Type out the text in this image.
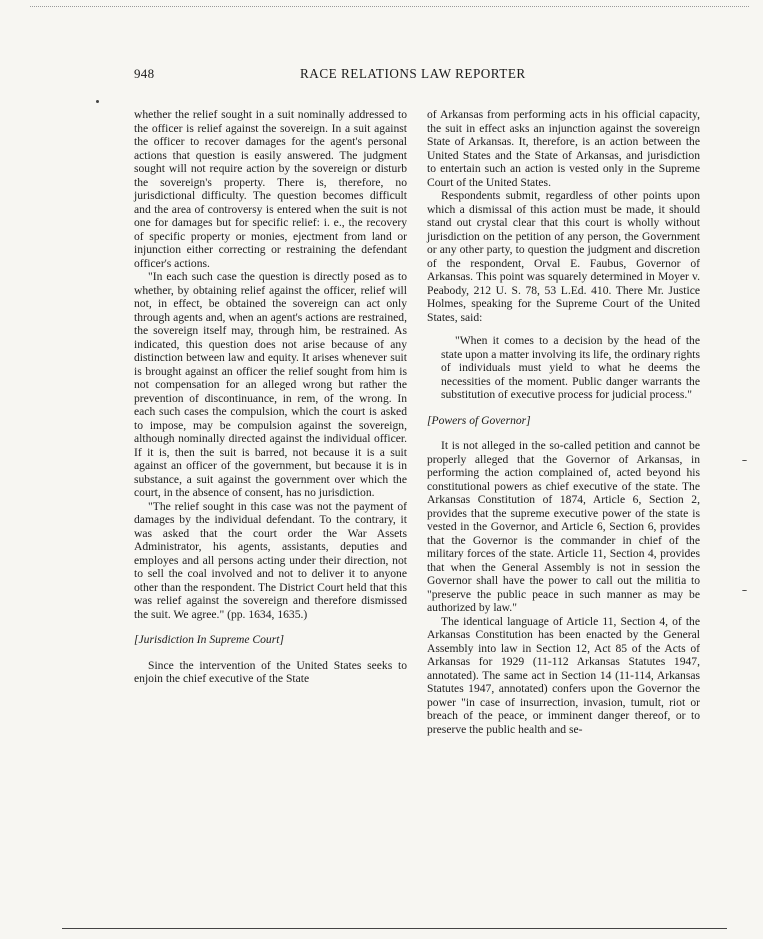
948	RACE RELATIONS LAW REPORTER

whether the relief sought in a suit nominally addressed to the officer is relief against the sovereign. In a suit against the officer to recover damages for the agent's personal actions that question is easily answered. The judgment sought will not require action by the sovereign or disturb the sovereign's property. There is, therefore, no jurisdictional difficulty. The question becomes difficult and the area of controversy is entered when the suit is not one for damages but for specific relief: i. e., the recovery of specific property or monies, ejectment from land or injunction either correcting or restraining the defendant officer's actions.

"In each such case the question is directly posed as to whether, by obtaining relief against the officer, relief will not, in effect, be obtained the sovereign can act only through agents and, when an agent's actions are restrained, the sovereign itself may, through him, be restrained. As indicated, this question does not arise because of any distinction between law and equity. It arises whenever suit is brought against an officer the relief sought from him is not compensation for an alleged wrong but rather the prevention of discontinuance, in rem, of the wrong. In each such cases the compulsion, which the court is asked to impose, may be compulsion against the sovereign, although nominally directed against the individual officer. If it is, then the suit is barred, not because it is a suit against an officer of the government, but because it is in substance, a suit against the government over which the court, in the absence of consent, has no jurisdiction.

"The relief sought in this case was not the payment of damages by the individual defendant. To the contrary, it was asked that the court order the War Assets Administrator, his agents, assistants, deputies and employes and all persons acting under their direction, not to sell the coal involved and not to deliver it to anyone other than the respondent. The District Court held that this was relief against the sovereign and therefore dismissed the suit. We agree." (pp. 1634, 1635.)

[Jurisdiction In Supreme Court]

Since the intervention of the United States seeks to enjoin the chief executive of the State

of Arkansas from performing acts in his official capacity, the suit in effect asks an injunction against the sovereign State of Arkansas. It, therefore, is an action between the United States and the State of Arkansas, and jurisdiction to entertain such an action is vested only in the Supreme Court of the United States.

Respondents submit, regardless of other points upon which a dismissal of this action must be made, it should stand out crystal clear that this court is wholly without jurisdiction on the petition of any person, the Government or any other party, to question the judgment and discretion of the respondent, Orval E. Faubus, Governor of Arkansas. This point was squarely determined in Moyer v. Peabody, 212 U. S. 78, 53 L.Ed. 410. There Mr. Justice Holmes, speaking for the Supreme Court of the United States, said:

"When it comes to a decision by the head of the state upon a matter involving its life, the ordinary rights of individuals must yield to what he deems the necessities of the moment. Public danger warrants the substitution of executive process for judicial process."

[Powers of Governor]

It is not alleged in the so-called petition and cannot be properly alleged that the Governor of Arkansas, in performing the action complained of, acted beyond his constitutional powers as chief executive of the state. The Arkansas Constitution of 1874, Article 6, Section 2, provides that the supreme executive power of the state is vested in the Governor, and Article 6, Section 6, provides that the Governor is the commander in chief of the military forces of the state. Article 11, Section 4, provides that when the General Assembly is not in session the Governor shall have the power to call out the militia to "preserve the public peace in such manner as may be authorized by law."

The identical language of Article 11, Section 4, of the Arkansas Constitution has been enacted by the General Assembly into law in Section 12, Act 85 of the Acts of Arkansas for 1929 (11-112 Arkansas Statutes 1947, annotated). The same act in Section 14 (11-114, Arkansas Statutes 1947, annotated) confers upon the Governor the power "in case of insurrection, invasion, tumult, riot or breach of the peace, or imminent danger thereof, or to preserve the public health and se-
